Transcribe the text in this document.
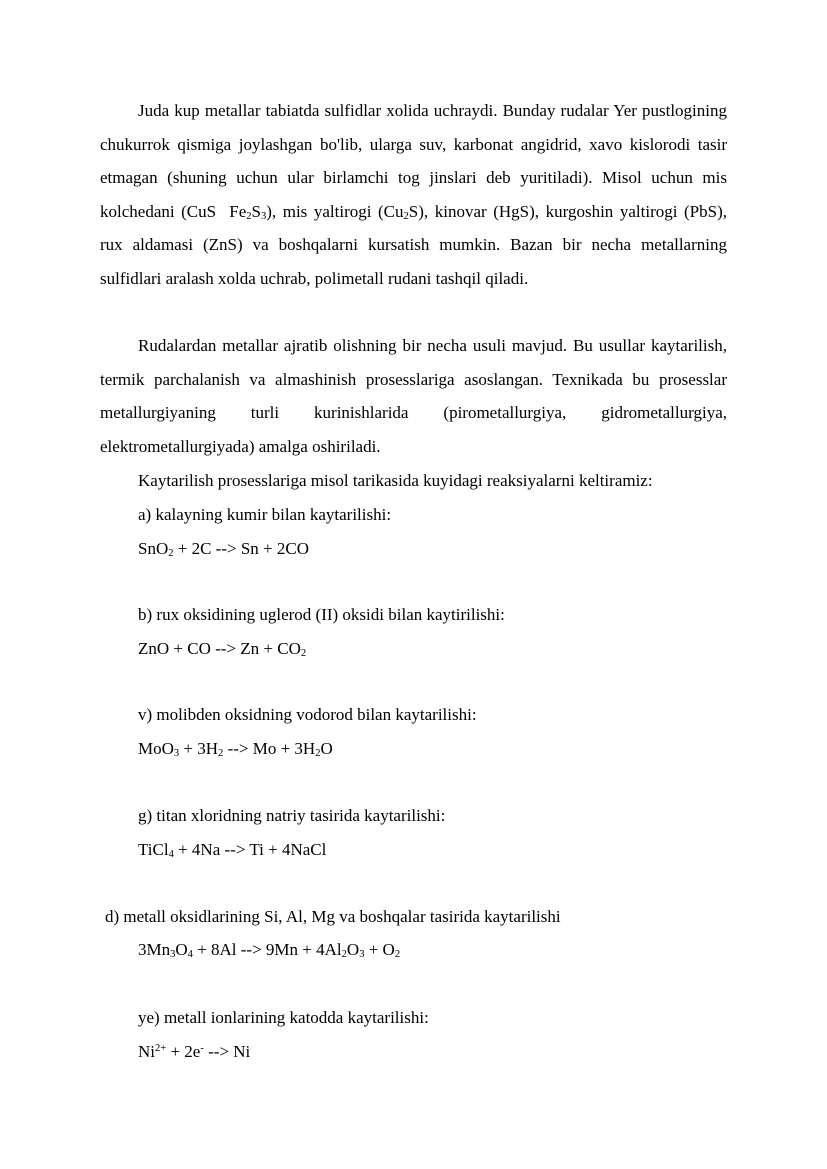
Juda kup metallar tabiatda sulfidlar xolida uchraydi. Bunday rudalar Yer pustlogining chukurrok qismiga joylashgan bo'lib, ularga suv, karbonat angidrid, xavo kislorodi tasir etmagan (shuning uchun ular birlamchi tog jinslari deb yuritiladi). Misol uchun mis kolchedani (CuS  $Fe_2S_3$), mis yaltirogi $(Cu_2S)$, kinovar (HgS), kurgoshin yaltirogi (PbS), rux aldamasi (ZnS) va boshqalarni kursatish mumkin. Bazan bir necha metallarning sulfidlari aralash xolda uchrab, polimetall rudani tashqil qiladi.

Rudalardan metallar ajratib olishning bir necha usuli mavjud. Bu usullar kaytarilish, termik parchalanish va almashinish prosesslariga asoslangan. Texnikada bu prosesslar metallurgiyaning turli kurinishlarida (pirometallurgiya, gidrometallurgiya, elektrometallurgiyada) amalga oshiriladi.

Kaytarilish prosesslariga misol tarikasida kuyidagi reaksiyalarni keltiramiz:

a) kalayning kumir bilan kaytarilishi:

SnO$_2$ + 2C --> Sn + 2CO

b) rux oksidining uglerod (II) oksidi bilan kaytirilishi:

ZnO + CO --> $Zn + CO_2$

v) molibden oksidning vodorod bilan kaytarilishi:

$MoO_3 + 3H_2$ --> $Mo + 3H_2O$

g) titan xloridning natriy tasirida kaytarilishi:

TiCl$_4$ + 4Na --> Ti + 4NaCl

d) metall oksidlarining Si, Al, Mg va boshqalar tasirida kaytarilishi

$3Mn_3O_4 + 8Al$ --> $9Mn + 4Al_2O_3 + O_2$

ye) metall ionlarining katodda kaytarilishi:

$Ni^{2+} + 2e^-$ --> Ni
